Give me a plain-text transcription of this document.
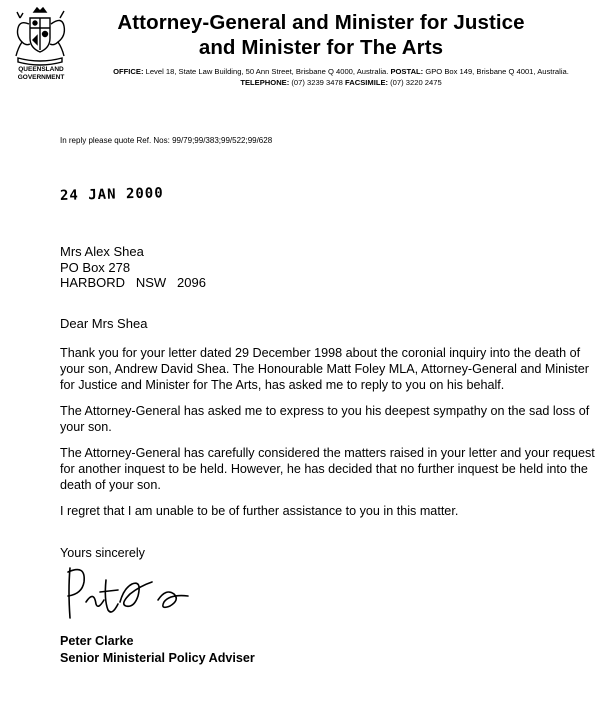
QUEENSLAND
GOVERNMENT
Attorney-General and Minister for Justice
and Minister for The Arts
OFFICE: Level 18, State Law Building, 50 Ann Street, Brisbane Q 4000, Australia. POSTAL: GPO Box 149, Brisbane Q 4001, Australia.
TELEPHONE: (07) 3239 3478 FACSIMILE: (07) 3220 2475
In reply please quote Ref. Nos: 99/79;99/383;99/522;99/628
24 JAN 2000
Mrs Alex Shea
PO Box 278
HARBORD   NSW   2096
Dear Mrs Shea
Thank you for your letter dated 29 December 1998 about the coronial inquiry into the death of your son, Andrew David Shea. The Honourable Matt Foley MLA, Attorney-General and Minister for Justice and Minister for The Arts, has asked me to reply to you on his behalf.
The Attorney-General has asked me to express to you his deepest sympathy on the sad loss of your son.
The Attorney-General has carefully considered the matters raised in your letter and your request for another inquest to be held. However, he has decided that no further inquest be held into the death of your son.
I regret that I am unable to be of further assistance to you in this matter.
Yours sincerely
Peter Clarke
Senior Ministerial Policy Adviser
